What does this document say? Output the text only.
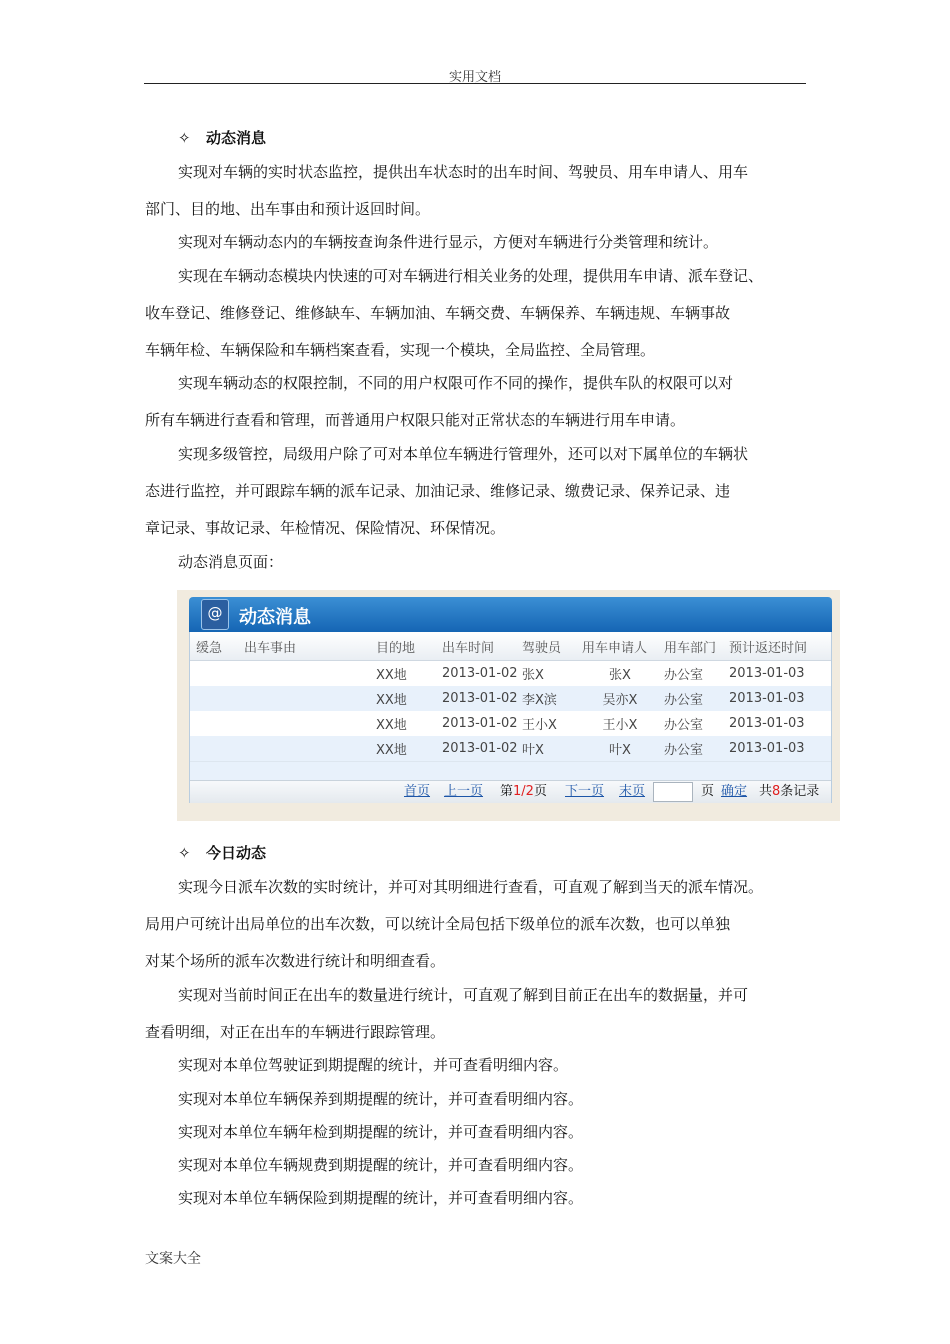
实用文档
✧ 动态消息
实现对车辆的实时状态监控，提供出车状态时的出车时间、驾驶员、用车申请人、用车
部门、目的地、出车事由和预计返回时间。
实现对车辆动态内的车辆按查询条件进行显示，方便对车辆进行分类管理和统计。
实现在车辆动态模块内快速的可对车辆进行相关业务的处理，提供用车申请、派车登记、
收车登记、维修登记、维修缺车、车辆加油、车辆交费、车辆保养、车辆违规、车辆事故
车辆年检、车辆保险和车辆档案查看，实现一个模块，全局监控、全局管理。
实现车辆动态的权限控制，不同的用户权限可作不同的操作，提供车队的权限可以对
所有车辆进行查看和管理，而普通用户权限只能对正常状态的车辆进行用车申请。
实现多级管控，局级用户除了可对本单位车辆进行管理外，还可以对下属单位的车辆状
态进行监控，并可跟踪车辆的派车记录、加油记录、维修记录、缴费记录、保养记录、违
章记录、事故记录、年检情况、保险情况、环保情况。
动态消息页面：
@ 动态消息
缓急	出车事由	目的地	出车时间	驾驶员	用车申请人	用车部门	预计返还时间
		XX地	2013-01-02	张X	张X	办公室	2013-01-03
		XX地	2013-01-02	李X滨	吴亦X	办公室	2013-01-03
		XX地	2013-01-02	王小X	王小X	办公室	2013-01-03
		XX地	2013-01-02	叶X	叶X	办公室	2013-01-03
首页 上一页 第1/2页 下一页 末页	页 确定 共8条记录
✧ 今日动态
实现今日派车次数的实时统计，并可对其明细进行查看，可直观了解到当天的派车情况。
局用户可统计出局单位的出车次数，可以统计全局包括下级单位的派车次数，也可以单独
对某个场所的派车次数进行统计和明细查看。
实现对当前时间正在出车的数量进行统计，可直观了解到目前正在出车的数据量，并可
查看明细，对正在出车的车辆进行跟踪管理。
实现对本单位驾驶证到期提醒的统计，并可查看明细内容。
实现对本单位车辆保养到期提醒的统计，并可查看明细内容。
实现对本单位车辆年检到期提醒的统计，并可查看明细内容。
实现对本单位车辆规费到期提醒的统计，并可查看明细内容。
实现对本单位车辆保险到期提醒的统计，并可查看明细内容。
文案大全
